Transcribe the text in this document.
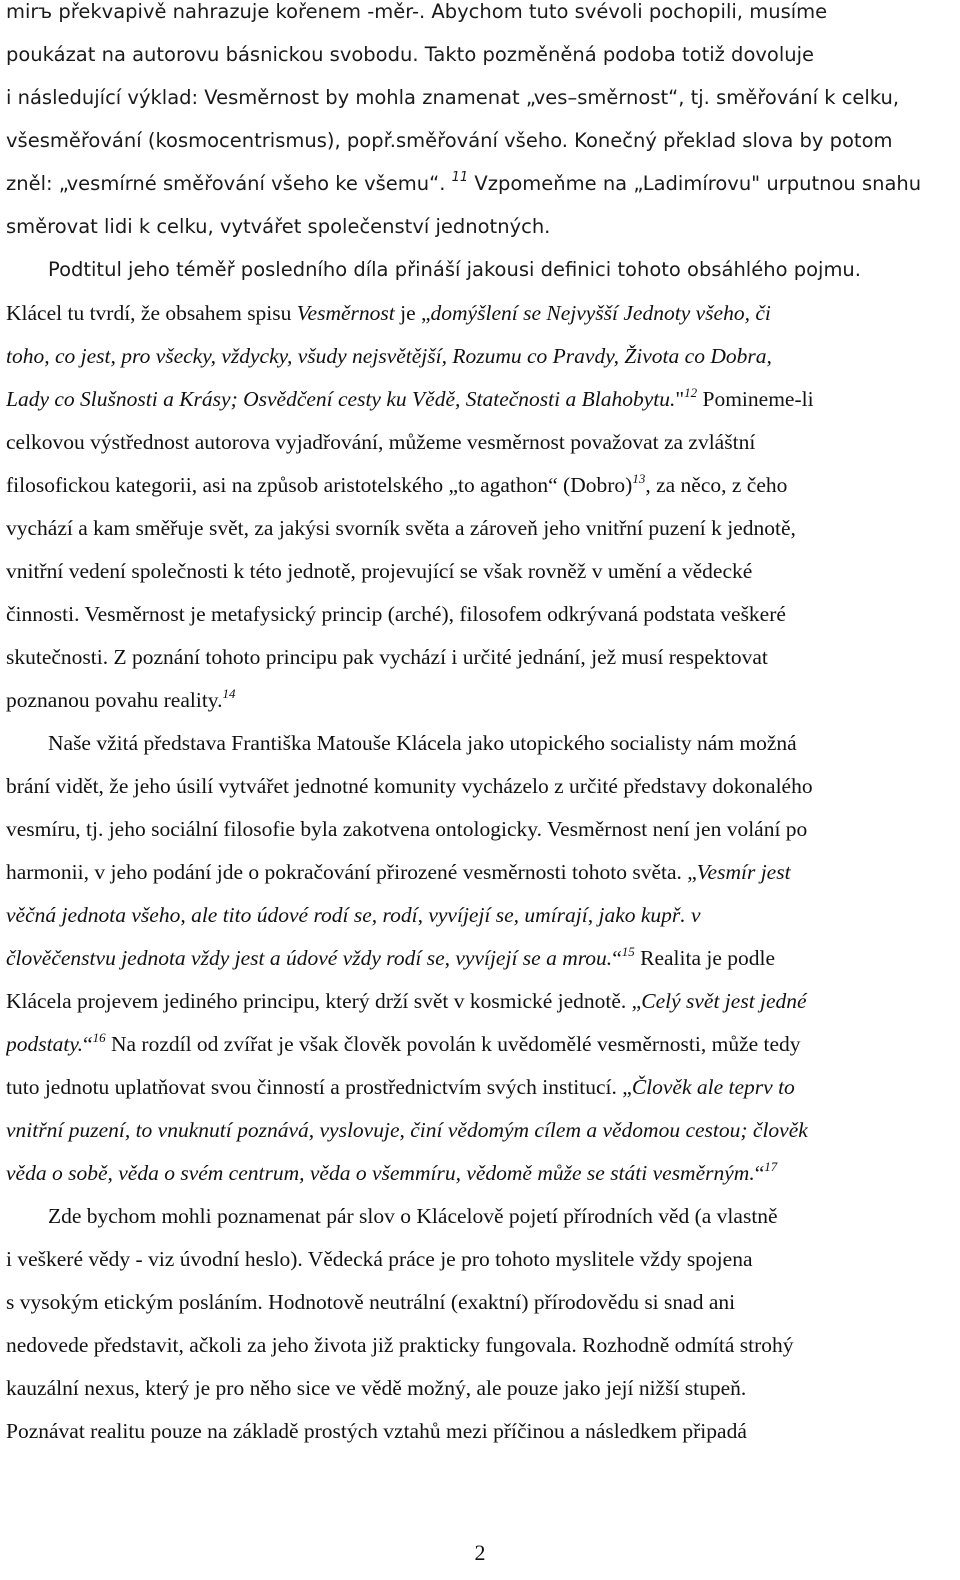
mirъ překvapivě nahrazuje kořenem -měr-. Abychom tuto svévoli pochopili, musíme
poukázat na autorovu básnickou svobodu. Takto pozměněná podoba totiž dovoluje
i následující výklad: Vesměrnost by mohla znamenat „ves–směrnost“, tj. směřování k celku,
všesměřování (kosmocentrismus), popř.směřování všeho. Konečný překlad slova by potom
zněl: „vesmírné směřování všeho ke všemu“. $^{11}$ Vzpomeňme na „Ladimírovu" urputnou snahu
směrovat lidi k celku, vytvářet společenství jednotných.
Podtitul jeho téměř posledního díla přináší jakousi definici tohoto obsáhlého pojmu.
Klácel tu tvrdí, že obsahem spisu Vesměrnost je „domýšlení se Nejvyšší Jednoty všeho, či
toho, co jest, pro všecky, vždycky, všudy nejsvětější, Rozumu co Pravdy, Života co Dobra,
Lady co Slušnosti a Krásy; Osvědčení cesty ku Vědě, Statečnosti a Blahobytu."$^{12}$ Pomineme-li
celkovou výstřednost autorova vyjadřování, můžeme vesměrnost považovat za zvláštní
filosofickou kategorii, asi na způsob aristotelského „to agathon“ (Dobro)$^{13}$, za něco, z čeho
vychází a kam směřuje svět, za jakýsi svorník světa a zároveň jeho vnitřní puzení k jednotě,
vnitřní vedení společnosti k této jednotě, projevující se však rovněž v umění a vědecké
činnosti. Vesměrnost je metafysický princip (arché), filosofem odkrývaná podstata veškeré
skutečnosti. Z poznání tohoto principu pak vychází i určité jednání, jež musí respektovat
poznanou povahu reality.$^{14}$
Naše vžitá představa Františka Matouše Klácela jako utopického socialisty nám možná
brání vidět, že jeho úsilí vytvářet jednotné komunity vycházelo z určité představy dokonalého
vesmíru, tj. jeho sociální filosofie byla zakotvena ontologicky. Vesměrnost není jen volání po
harmonii, v jeho podání jde o pokračování přirozené vesměrnosti tohoto světa. „Vesmír jest
věčná jednota všeho, ale tito údové rodí se, rodí, vyvíjejí se, umírají, jako kupř. v
člověčenstvu jednota vždy jest a údové vždy rodí se, vyvíjejí se a mrou.“$^{15}$ Realita je podle
Klácela projevem jediného principu, který drží svět v kosmické jednotě. „Celý svět jest jedné
podstaty.“$^{16}$ Na rozdíl od zvířat je však člověk povolán k uvědomělé vesměrnosti, může tedy
tuto jednotu uplatňovat svou činností a prostřednictvím svých institucí. „Člověk ale teprv to
vnitřní puzení, to vnuknutí poznává, vyslovuje, činí vědomým cílem a vědomou cestou; člověk
věda o sobě, věda o svém centrum, věda o všemmíru, vědomě může se státi vesměrným.“$^{17}$
Zde bychom mohli poznamenat pár slov o Klácelově pojetí přírodních věd (a vlastně
i veškeré vědy - viz úvodní heslo). Vědecká práce je pro tohoto myslitele vždy spojena
s vysokým etickým posláním. Hodnotově neutrální (exaktní) přírodovědu si snad ani
nedovede představit, ačkoli za jeho života již prakticky fungovala. Rozhodně odmítá strohý
kauzální nexus, který je pro něho sice ve vědě možný, ale pouze jako její nižší stupeň.
Poznávat realitu pouze na základě prostých vztahů mezi příčinou a následkem připadá
2
